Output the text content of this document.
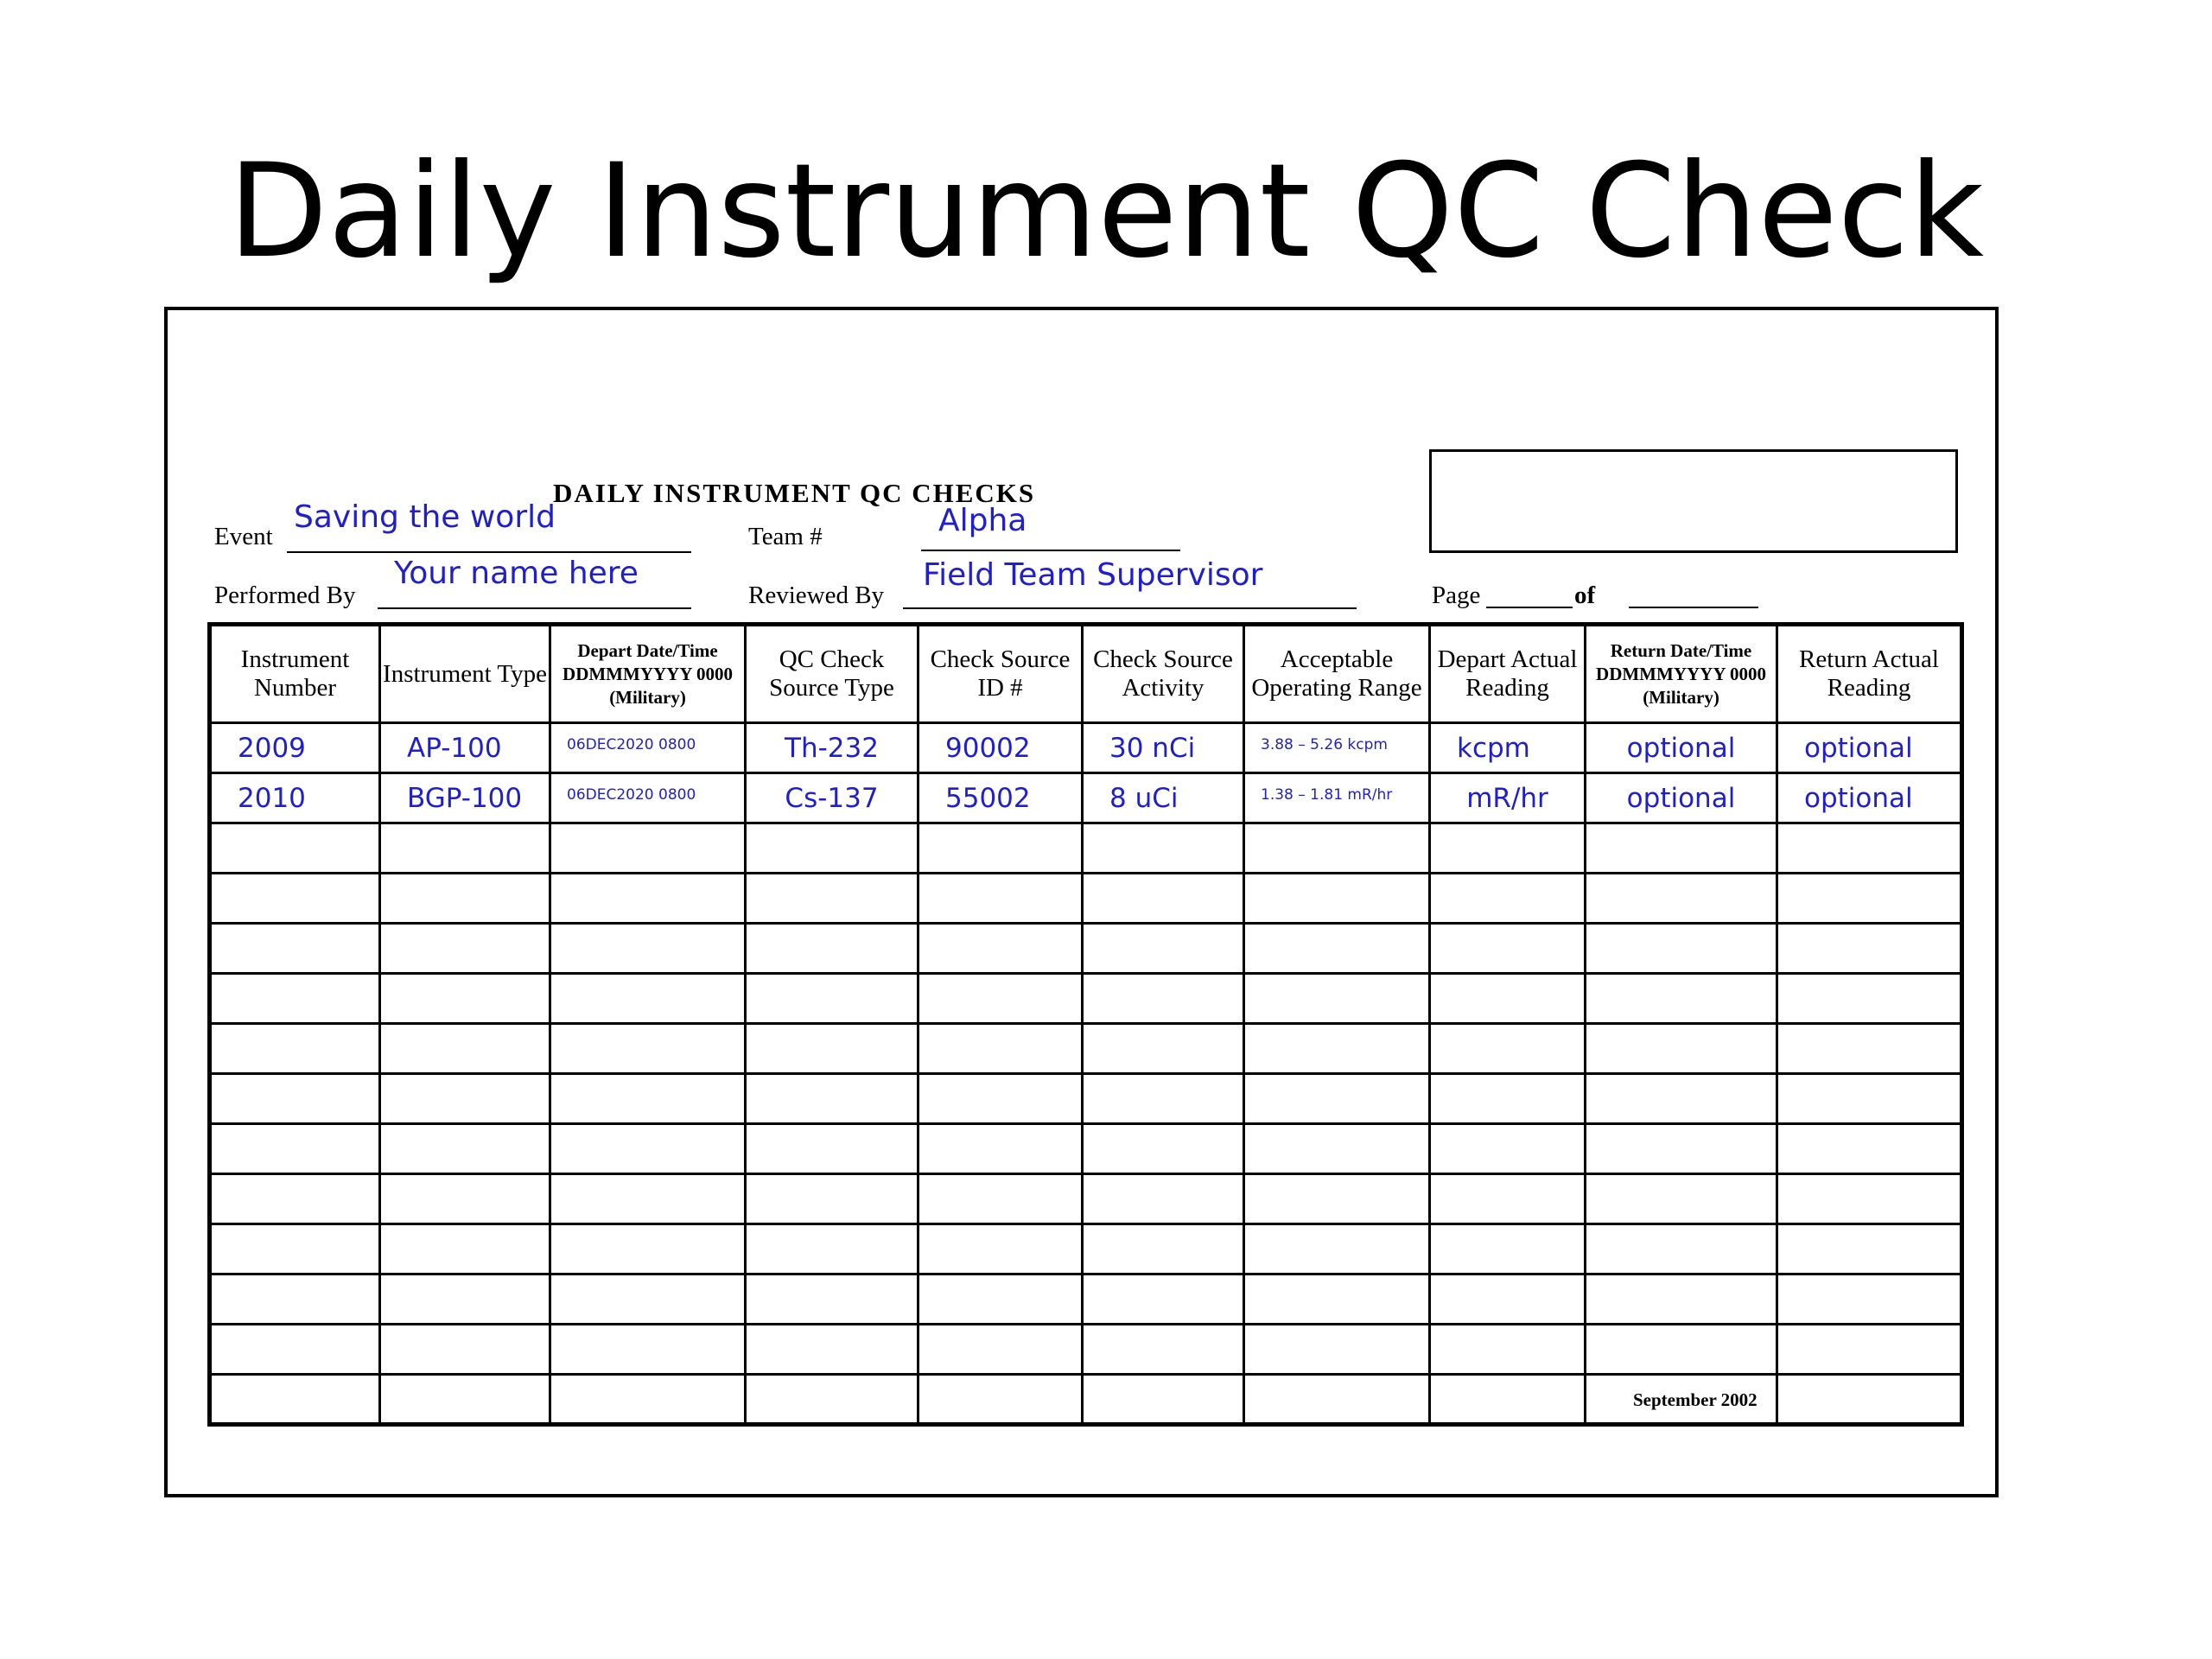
Daily Instrument QC Check
DAILY INSTRUMENT QC CHECKS
Event
Saving the world
Team #	Alpha
Performed By
Your name here
Reviewed By
Field Team Supervisor
Page	of
Instrument Number	Instrument Type	Depart Date/Time DDMMMYYYY 0000 (Military)	QC Check Source Type	Check Source ID #	Check Source Activity	Acceptable Operating Range	Depart Actual Reading	Return Date/Time DDMMMYYYY 0000 (Military)	Return Actual Reading
2009	AP-100	06DEC2020 0800	Th-232	90002	30 nCi	3.88 – 5.26 kcpm	kcpm	optional	optional
2010	BGP-100	06DEC2020 0800	Cs-137	55002	8 uCi	1.38 – 1.81 mR/hr	mR/hr	optional	optional

September 2002
